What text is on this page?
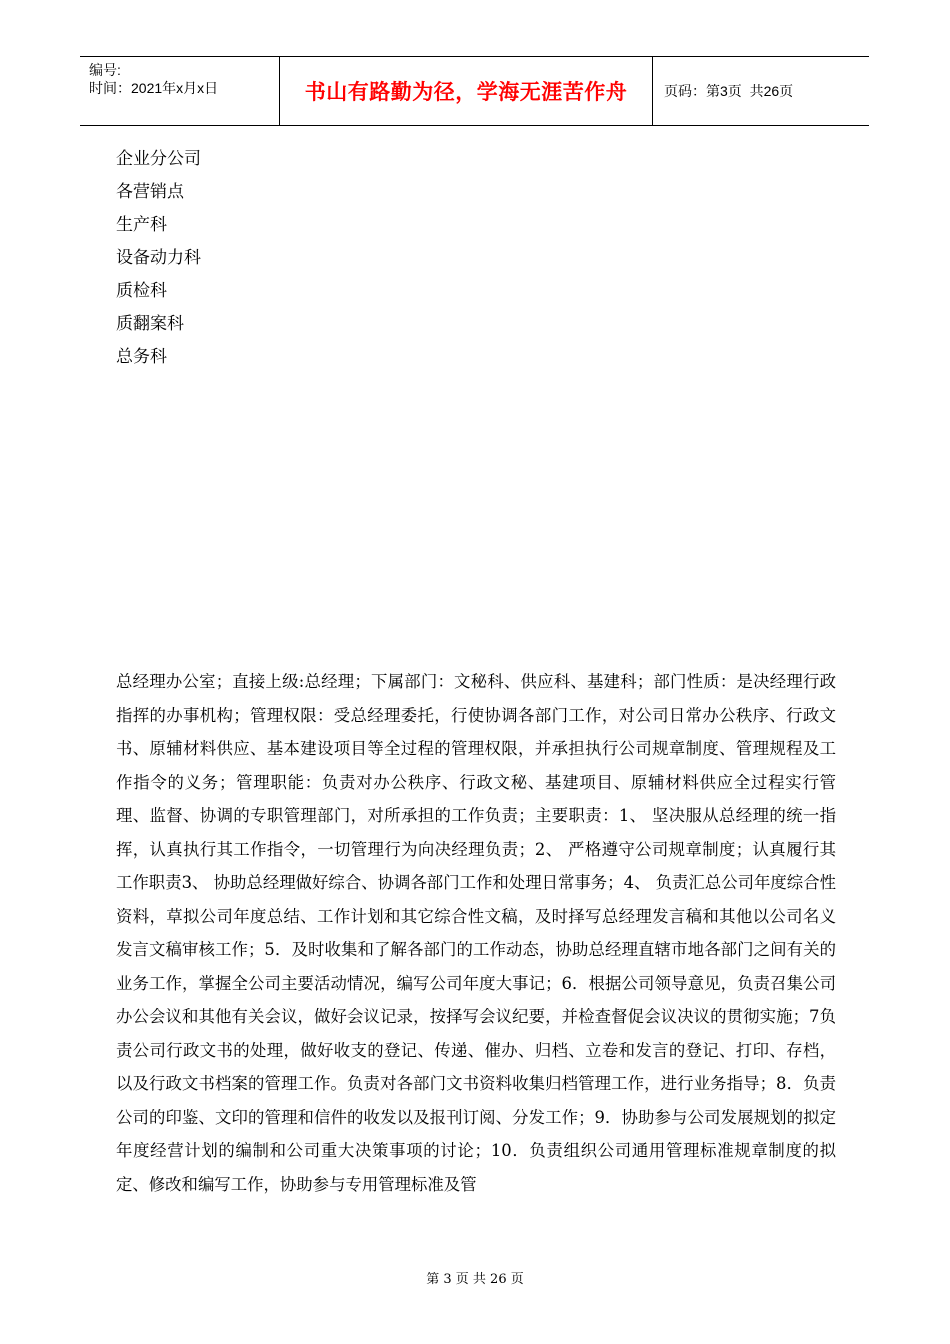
编号:
时间：2021年x月x日	书山有路勤为径，学海无涯苦作舟	页码：第 3 页  共 26 页
企业分公司
各营销点
生产科
设备动力科
质检科
质翻案科
总务科

总经理办公室；直接上级:总经理；下属部门：文秘科、供应科、基建科；部门性质：是决经理行政指挥的办事机构；管理权限：受总经理委托，行使协调各部门工作，对公司日常办公秩序、行政文书、原辅材料供应、基本建设项目等全过程的管理权限，并承担执行公司规章制度、管理规程及工作指令的义务；管理职能：负责对办公秩序、行政文秘、基建项目、原辅材料供应全过程实行管理、监督、协调的专职管理部门，对所承担的工作负责；主要职责：1、 坚决服从总经理的统一指挥，认真执行其工作指令，一切管理行为向决经理负责；2、 严格遵守公司规章制度；认真履行其工作职责3、 协助总经理做好综合、协调各部门工作和处理日常事务；4、 负责汇总公司年度综合性资料，草拟公司年度总结、工作计划和其它综合性文稿，及时择写总经理发言稿和其他以公司名义发言文稿审核工作；5．及时收集和了解各部门的工作动态，协助总经理直辖市地各部门之间有关的业务工作，掌握全公司主要活动情况，编写公司年度大事记；6．根据公司领导意见，负责召集公司办公会议和其他有关会议，做好会议记录，按择写会议纪要，并检查督促会议决议的贯彻实施；7负责公司行政文书的处理，做好收支的登记、传递、催办、归档、立卷和发言的登记、打印、存档，以及行政文书档案的管理工作。负责对各部门文书资料收集归档管理工作，进行业务指导；8．负责公司的印鉴、文印的管理和信件的收发以及报刊订阅、分发工作；9．协助参与公司发展规划的拟定年度经营计划的编制和公司重大决策事项的讨论；10．负责组织公司通用管理标准规章制度的拟定、修改和编写工作，协助参与专用管理标准及管

第 3 页 共 26 页
